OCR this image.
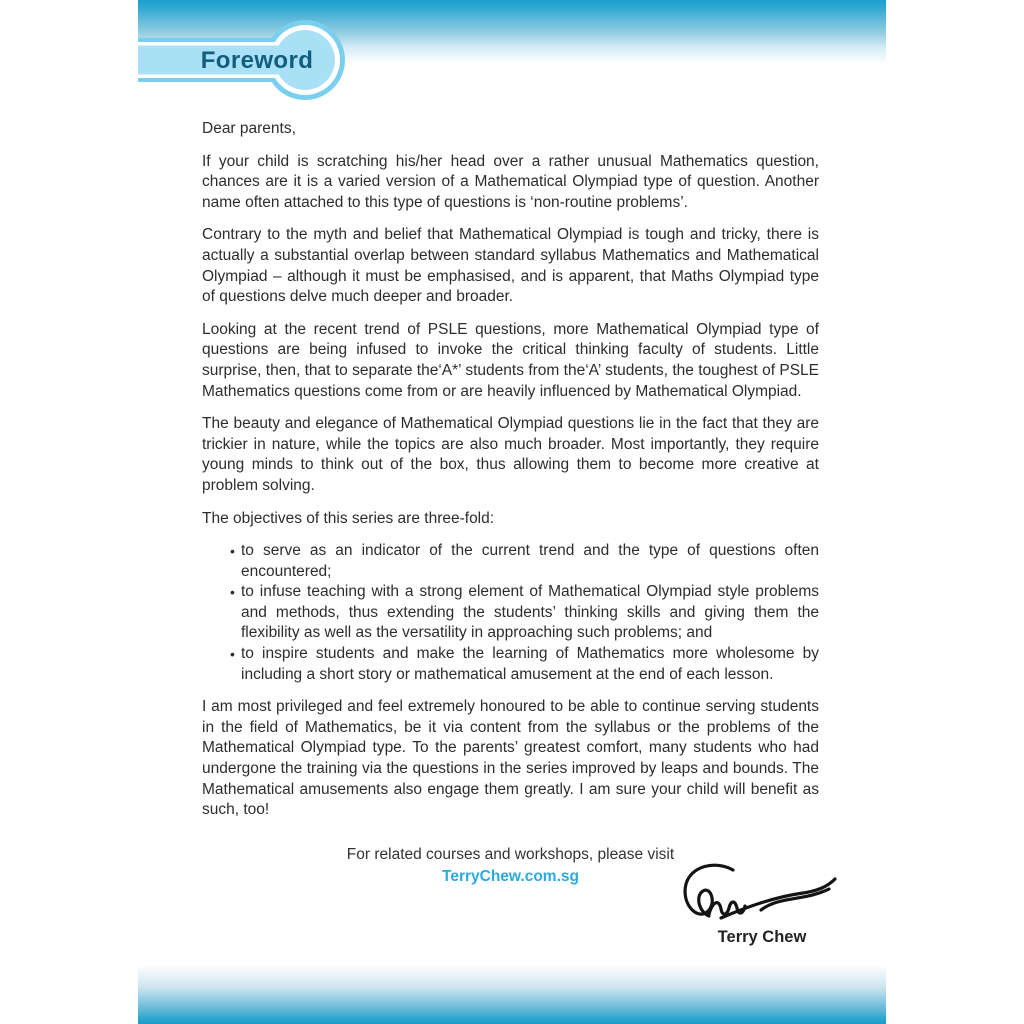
Foreword

Dear parents,

If your child is scratching his/her head over a rather unusual Mathematics question, chances are it is a varied version of a Mathematical Olympiad type of question. Another name often attached to this type of questions is ‘non-routine problems’.

Contrary to the myth and belief that Mathematical Olympiad is tough and tricky, there is actually a substantial overlap between standard syllabus Mathematics and Mathematical Olympiad – although it must be emphasised, and is apparent, that Maths Olympiad type of questions delve much deeper and broader.

Looking at the recent trend of PSLE questions, more Mathematical Olympiad type of questions are being infused to invoke the critical thinking faculty of students. Little surprise, then, that to separate the‘A*’ students from the‘A’ students, the toughest of PSLE Mathematics questions come from or are heavily influenced by Mathematical Olympiad.

The beauty and elegance of Mathematical Olympiad questions lie in the fact that they are trickier in nature, while the topics are also much broader. Most importantly, they require young minds to think out of the box, thus allowing them to become more creative at problem solving.

The objectives of this series are three-fold:

• to serve as an indicator of the current trend and the type of questions often encountered;
• to infuse teaching with a strong element of Mathematical Olympiad style problems and methods, thus extending the students’ thinking skills and giving them the flexibility as well as the versatility in approaching such problems; and
• to inspire students and make the learning of Mathematics more wholesome by including a short story or mathematical amusement at the end of each lesson.

I am most privileged and feel extremely honoured to be able to continue serving students in the field of Mathematics, be it via content from the syllabus or the problems of the Mathematical Olympiad type. To the parents’ greatest comfort, many students who had undergone the training via the questions in the series improved by leaps and bounds. The Mathematical amusements also engage them greatly. I am sure your child will benefit as such, too!

For related courses and workshops, please visit
TerryChew.com.sg
Terry Chew
